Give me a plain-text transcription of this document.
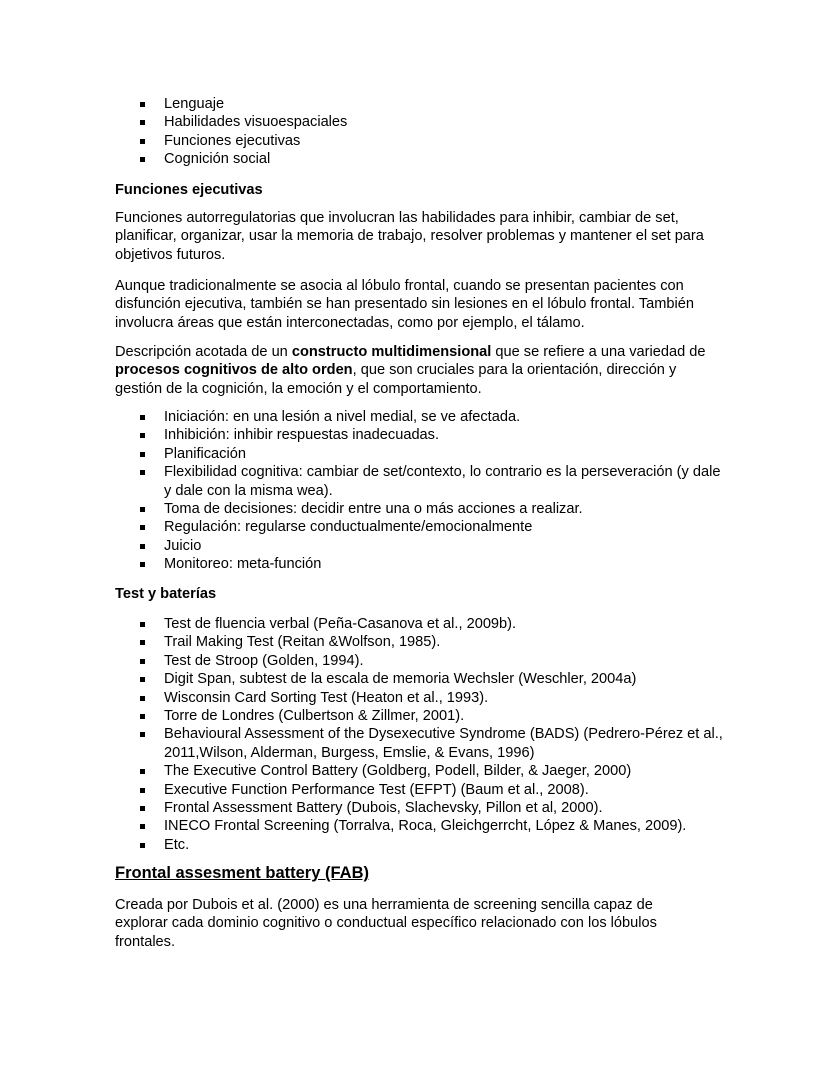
Lenguaje
Habilidades visuoespaciales
Funciones ejecutivas
Cognición social

Funciones ejecutivas

Funciones autorregulatorias que involucran las habilidades para inhibir, cambiar de set, planificar, organizar, usar la memoria de trabajo, resolver problemas y mantener el set para objetivos futuros.

Aunque tradicionalmente se asocia al lóbulo frontal, cuando se presentan pacientes con disfunción ejecutiva, también se han presentado sin lesiones en el lóbulo frontal. También involucra áreas que están interconectadas, como por ejemplo, el tálamo.

Descripción acotada de un constructo multidimensional que se refiere a una variedad de procesos cognitivos de alto orden, que son cruciales para la orientación, dirección y gestión de la cognición, la emoción y el comportamiento.

Iniciación: en una lesión a nivel medial, se ve afectada.
Inhibición: inhibir respuestas inadecuadas.
Planificación
Flexibilidad cognitiva: cambiar de set/contexto, lo contrario es la perseveración (y dale y dale con la misma wea).
Toma de decisiones: decidir entre una o más acciones a realizar.
Regulación: regularse conductualmente/emocionalmente
Juicio
Monitoreo: meta-función

Test y baterías

Test de fluencia verbal (Peña-Casanova et al., 2009b).
Trail Making Test (Reitan &Wolfson, 1985).
Test de Stroop (Golden, 1994).
Digit Span, subtest de la escala de memoria Wechsler (Weschler, 2004a)
Wisconsin Card Sorting Test (Heaton et al., 1993).
Torre de Londres (Culbertson & Zillmer, 2001).
Behavioural Assessment of the Dysexecutive Syndrome (BADS) (Pedrero-Pérez et al., 2011,Wilson, Alderman, Burgess, Emslie, & Evans, 1996)
The Executive Control Battery (Goldberg, Podell, Bilder, & Jaeger, 2000)
Executive Function Performance Test (EFPT) (Baum et al., 2008).
Frontal Assessment Battery (Dubois, Slachevsky, Pillon et al, 2000).
INECO Frontal Screening (Torralva, Roca, Gleichgerrcht, López & Manes, 2009).
Etc.

Frontal assesment battery (FAB)

Creada por Dubois et al. (2000) es una herramienta de screening sencilla capaz de explorar cada dominio cognitivo o conductual específico relacionado con los lóbulos frontales.
